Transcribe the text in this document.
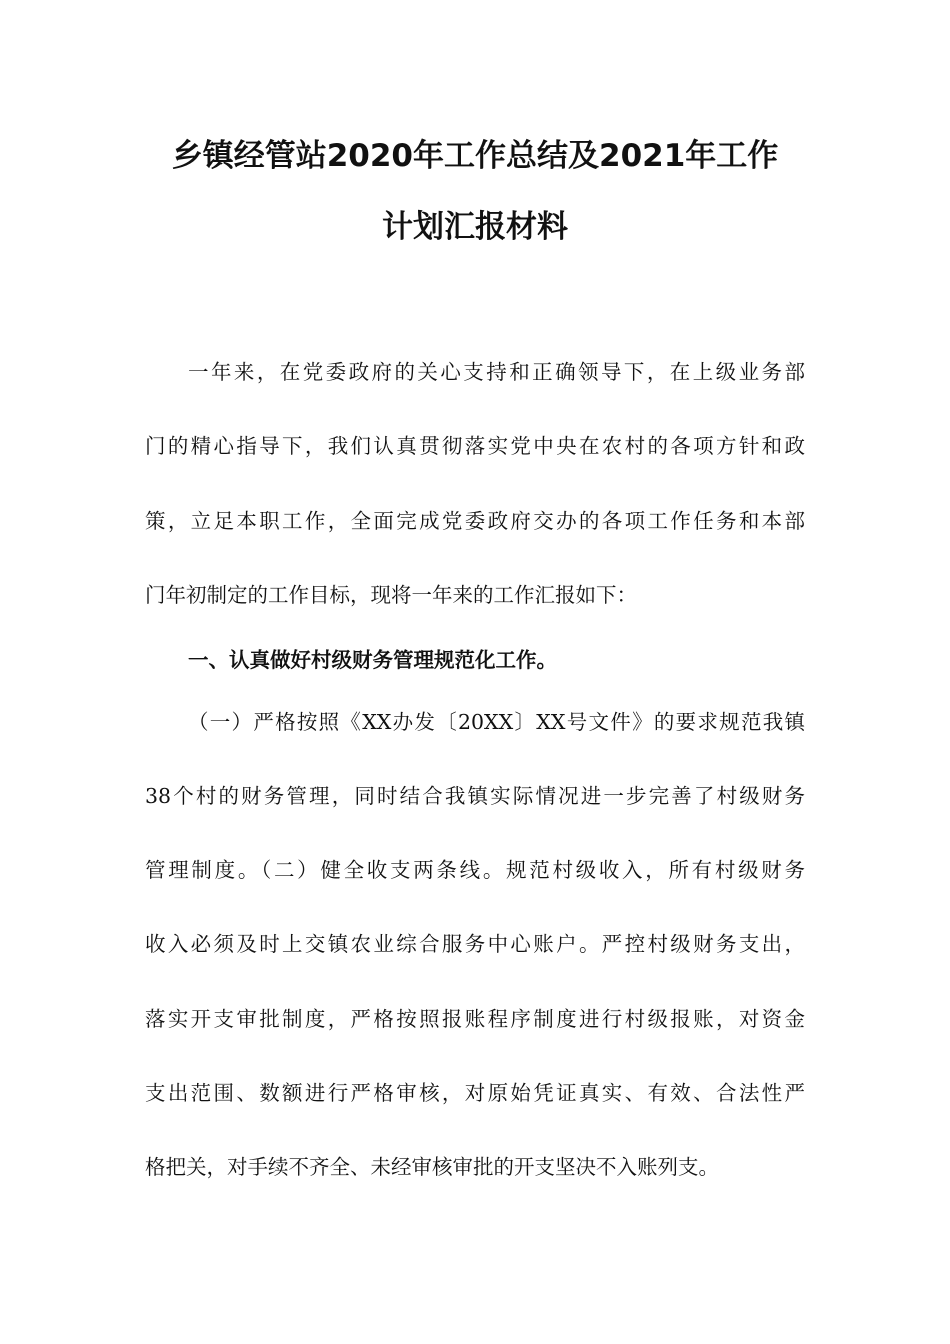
乡镇经管站2020年工作总结及2021年工作
计划汇报材料
一年来，在党委政府的关心支持和正确领导下，在上级业务部
门的精心指导下，我们认真贯彻落实党中央在农村的各项方针和政
策，立足本职工作，全面完成党委政府交办的各项工作任务和本部
门年初制定的工作目标，现将一年来的工作汇报如下：
一、认真做好村级财务管理规范化工作。
（一）严格按照《XX办发〔20XX〕XX号文件》的要求规范我镇
38个村的财务管理，同时结合我镇实际情况进一步完善了村级财务
管理制度。（二）健全收支两条线。规范村级收入，所有村级财务
收入必须及时上交镇农业综合服务中心账户。严控村级财务支出，
落实开支审批制度，严格按照报账程序制度进行村级报账，对资金
支出范围、数额进行严格审核，对原始凭证真实、有效、合法性严
格把关，对手续不齐全、未经审核审批的开支坚决不入账列支。
